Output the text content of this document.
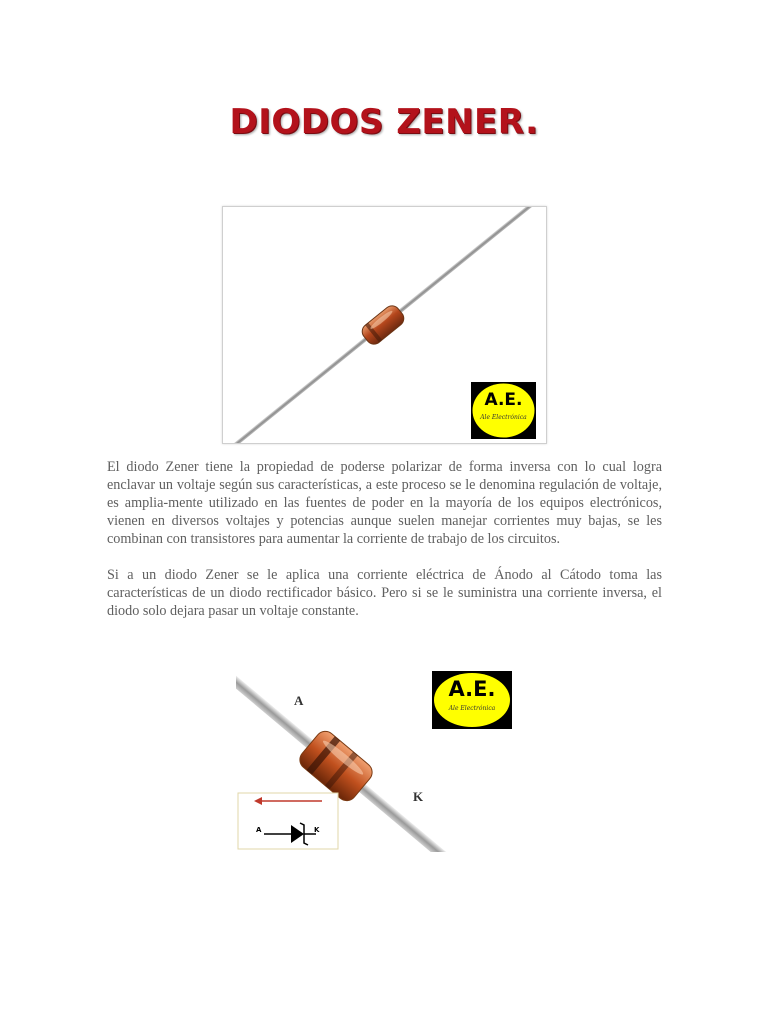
DIODOS ZENER.
A.E.
Ale Electrónica

El diodo Zener tiene la propiedad de poderse polarizar de forma inversa con lo cual logra enclavar un voltaje según sus características, a este proceso se le denomina regulación de voltaje, es amplia-mente utilizado en las fuentes de poder en la mayoría de los equipos electrónicos, vienen en diversos voltajes y potencias aunque suelen manejar corrientes muy bajas, se les combinan con transistores para aumentar la corriente de trabajo de los circuitos.

Si a un diodo Zener se le aplica una corriente eléctrica de Ánodo al Cátodo toma las características de un diodo rectificador básico. Pero si se le suministra una corriente inversa, el diodo solo dejara pasar un voltaje constante.

A
K
A	K
A.E.
Ale Electrónica
